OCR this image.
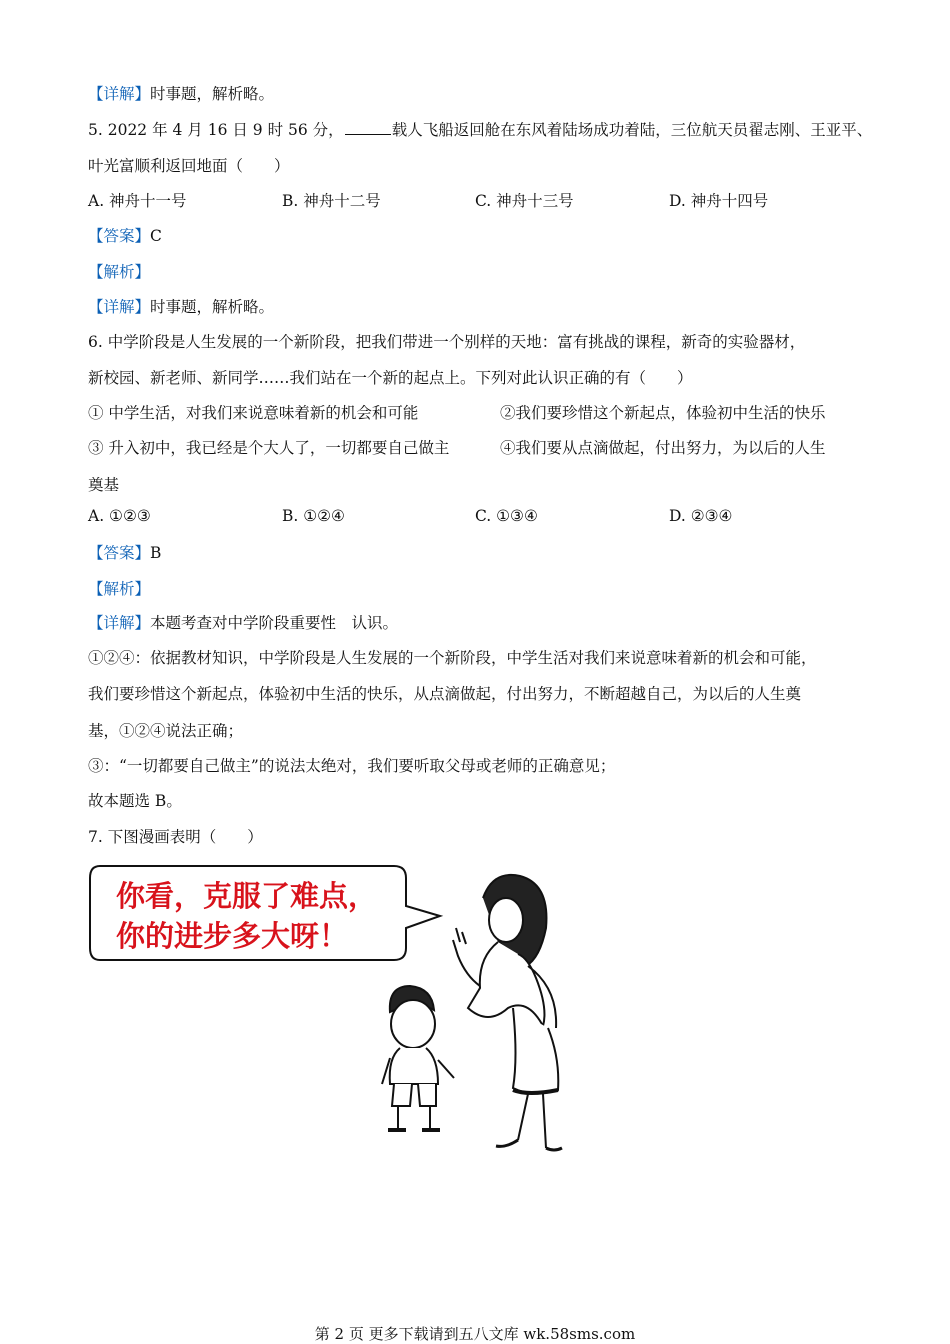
【详解】时事题，解析略。
5. 2022 年 4 月 16 日 9 时 56 分，	载人飞船返回舱在东风着陆场成功着陆，三位航天员翟志刚、王亚平、
叶光富顺利返回地面（　　）
A. 神舟十一号	B. 神舟十二号	C. 神舟十三号	D. 神舟十四号
【答案】C
【解析】
【详解】时事题，解析略。
6. 中学阶段是人生发展的一个新阶段，把我们带进一个别样的天地：富有挑战的课程，新奇的实验器材，
新校园、新老师、新同学……我们站在一个新的起点上。下列对此认识正确的有（　　）
① 中学生活，对我们来说意味着新的机会和可能	②我们要珍惜这个新起点，体验初中生活的快乐
③ 升入初中，我已经是个大人了，一切都要自己做主	④我们要从点滴做起，付出努力，为以后的人生
奠基
A. ①②③	B. ①②④	C. ①③④	D. ②③④
【答案】B
【解析】
【详解】本题考查对中学阶段重要性　认识。
①②④：依据教材知识，中学阶段是人生发展的一个新阶段，中学生活对我们来说意味着新的机会和可能，
我们要珍惜这个新起点，体验初中生活的快乐，从点滴做起，付出努力，不断超越自己，为以后的人生奠
基，①②④说法正确；
③：“一切都要自己做主”的说法太绝对，我们要听取父母或老师的正确意见；
故本题选 B。
7. 下图漫画表明（　　）
你看，克服了难点，
你的进步多大呀！
第 2 页 更多下载请到五八文库 wk.58sms.com
